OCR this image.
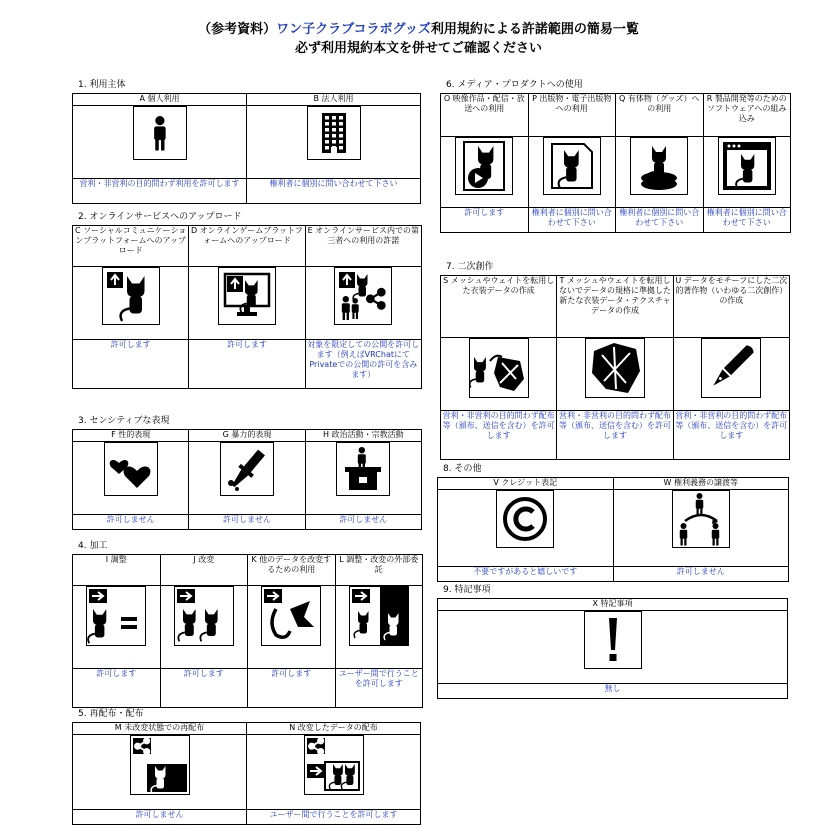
（参考資料）ワン子クラブコラボグッズ利用規約による許諾範囲の簡易一覧
必ず利用規約本文を併せてご確認ください
1. 利用主体
A 個人利用	B 法人利用

営利・非営利の目的問わず利用を許可します	権利者に個別に問い合わせて下さい
2. オンラインサービスへのアップロード
C ソーシャルコミュニケーションプラットフォームへのアップロード	D オンラインゲームプラットフォームへのアップロード	E オンラインサービス内での第三者への利用の許諾

許可します	許可します	対象を限定しての公開を許可します（例えばVRChatにてPrivateでの公開の許可を含みます）
3. センシティブな表現
F 性的表現	G 暴力的表現	H 政治活動・宗教活動

許可しません	許可しません	許可しません
4. 加工
I 調整	J 改変	K 他のデータを改変するための利用	L 調整・改変の外部委託

許可します	許可します	許可します	ユーザー間で行うことを許可します
5. 再配布・配布
M 未改変状態での再配布	N 改変したデータの配布

許可しません	ユーザー間で行うことを許可します
6. メディア・プロダクトへの使用
O 映像作品・配信・放送への利用	P 出版物・電子出版物への利用	Q 有体物（グッズ）への利用	R 製品開発等のためのソフトウェアへの組み込み

許可します	権利者に個別に問い合わせて下さい	権利者に個別に問い合わせて下さい	権利者に個別に問い合わせて下さい
7. 二次創作
S メッシュやウェイトを転用した衣装データの作成	T メッシュやウェイトを転用しないでデータの規格に準拠した新たな衣装データ・テクスチャデータの作成	U データをモチーフにした二次的著作物（いわゆる二次創作）の作成

営利・非営利の目的問わず配布等（頒布、送信を含む）を許可します	営利・非営利の目的問わず配布等（頒布、送信を含む）を許可します	営利・非営利の目的問わず配布等（頒布、送信を含む）を許可します
8. その他
V クレジット表記	W 権利義務の譲渡等

不要ですがあると嬉しいです	許可しません
9. 特記事項
X 特記事項

無し
